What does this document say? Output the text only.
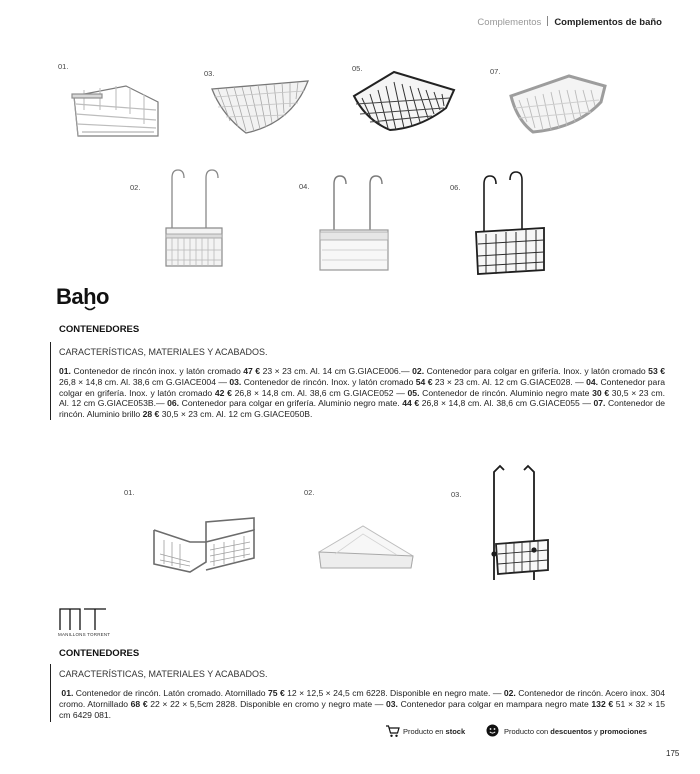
Complementos Complementos de baño
01.
03.
05.	07.
02.	04.	06.
Baho
CONTENEDORES
CARACTERÍSTICAS, MATERIALES Y ACABADOS.
01. Contenedor de rincón inox. y latón cromado 47 € 23 × 23 cm. Al. 14 cm G.GIACE006.— 02. Contenedor para colgar en grifería. Inox. y latón cromado 53 € 26,8 × 14,8 cm. Al. 38,6 cm G.GIACE004 — 03. Contenedor de rincón. Inox. y latón cromado 54 € 23 × 23 cm. Al. 12 cm G.GIACE028. — 04. Contenedor para colgar en grifería. Inox. y latón cromado 42 € 26,8 × 14,8 cm. Al. 38,6 cm G.GIACE052 — 05. Contenedor de rincón. Aluminio negro mate 30 € 30,5 × 23 cm. Al. 12 cm G.GIACE053B.— 06. Contenedor para colgar en grifería. Aluminio negro mate. 44 € 26,8 × 14,8 cm. Al. 38,6 cm G.GIACE055 — 07. Contenedor de rincón. Aluminio brillo 28 € 30,5 × 23 cm. Al. 12 cm G.GIACE050B.
01.	02.	03.
MANILLONS TORRENT
CONTENEDORES
CARACTERÍSTICAS, MATERIALES Y ACABADOS.
01. Contenedor de rincón. Latón cromado. Atornillado 75 € 12 × 12,5 × 24,5 cm 6228. Disponible en negro mate. — 02. Contenedor de rincón. Acero inox. 304 cromo. Atornillado 68 € 22 × 22 × 5,5cm 2828. Disponible en cromo y negro mate — 03. Contenedor para colgar en mampara negro mate 132 € 51 × 32 × 15 cm 6429 081.
Producto en stock	Producto con descuentos y promociones
175
